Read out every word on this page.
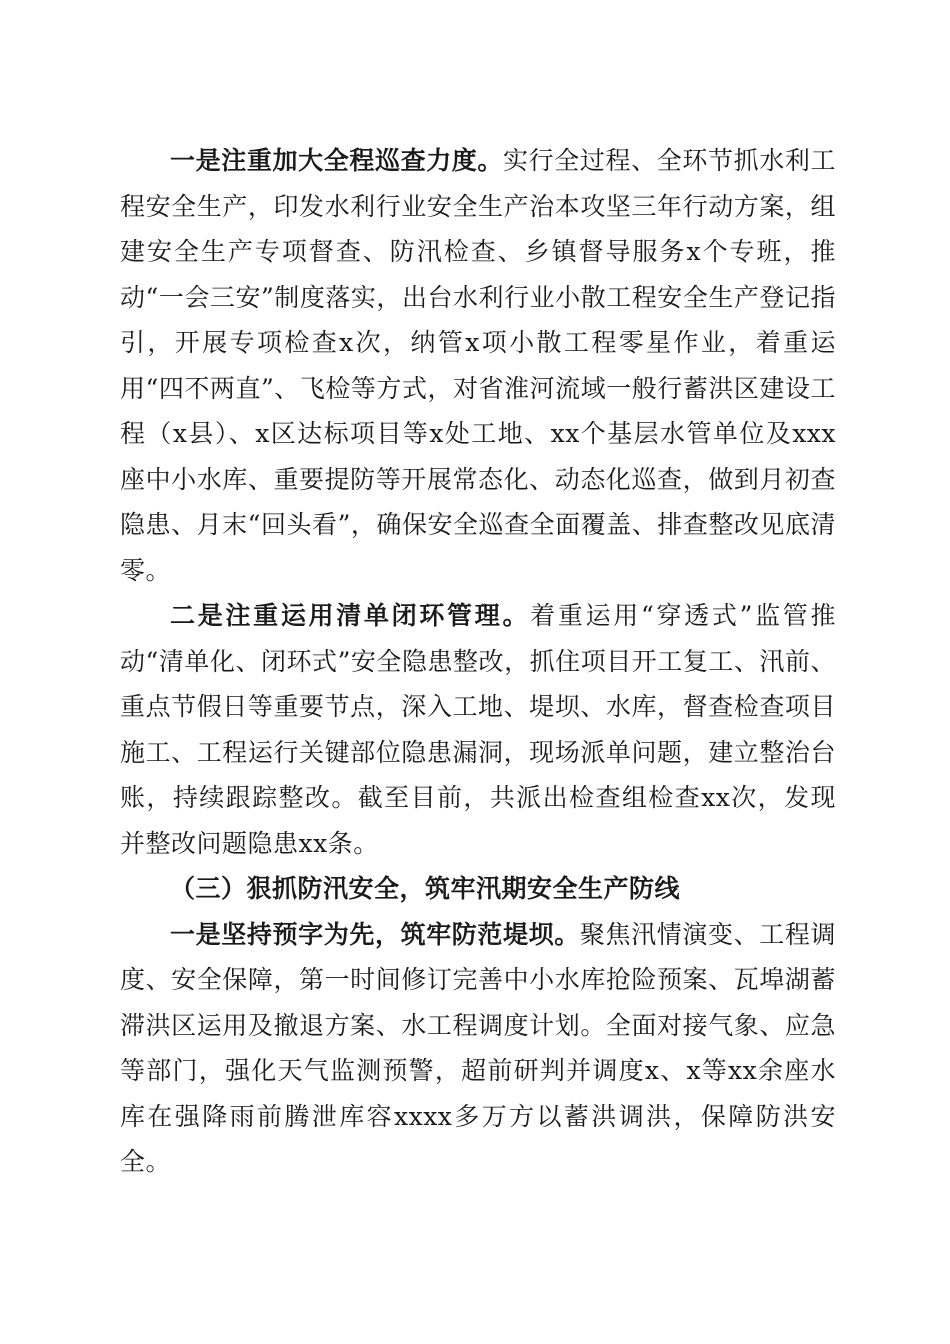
一是注重加大全程巡查力度。实行全过程、全环节抓水利工程安全生产，印发水利行业安全生产治本攻坚三年行动方案，组建安全生产专项督查、防汛检查、乡镇督导服务x个专班，推动“一会三安”制度落实，出台水利行业小散工程安全生产登记指引，开展专项检查x次，纳管x项小散工程零星作业，着重运用“四不两直”、飞检等方式，对省淮河流域一般行蓄洪区建设工程（x县）、x区达标项目等x处工地、xx个基层水管单位及xxx座中小水库、重要提防等开展常态化、动态化巡查，做到月初查隐患、月末“回头看”，确保安全巡查全面覆盖、排查整改见底清零。

二是注重运用清单闭环管理。着重运用“穿透式”监管推动“清单化、闭环式”安全隐患整改，抓住项目开工复工、汛前、重点节假日等重要节点，深入工地、堤坝、水库，督查检查项目施工、工程运行关键部位隐患漏洞，现场派单问题，建立整治台账，持续跟踪整改。截至目前，共派出检查组检查xx次，发现并整改问题隐患xx条。

（三）狠抓防汛安全，筑牢汛期安全生产防线

一是坚持预字为先，筑牢防范堤坝。聚焦汛情演变、工程调度、安全保障，第一时间修订完善中小水库抢险预案、瓦埠湖蓄滞洪区运用及撤退方案、水工程调度计划。全面对接气象、应急等部门，强化天气监测预警，超前研判并调度x、x等xx余座水库在强降雨前腾泄库容xxxx多万方以蓄洪调洪，保障防洪安全。
